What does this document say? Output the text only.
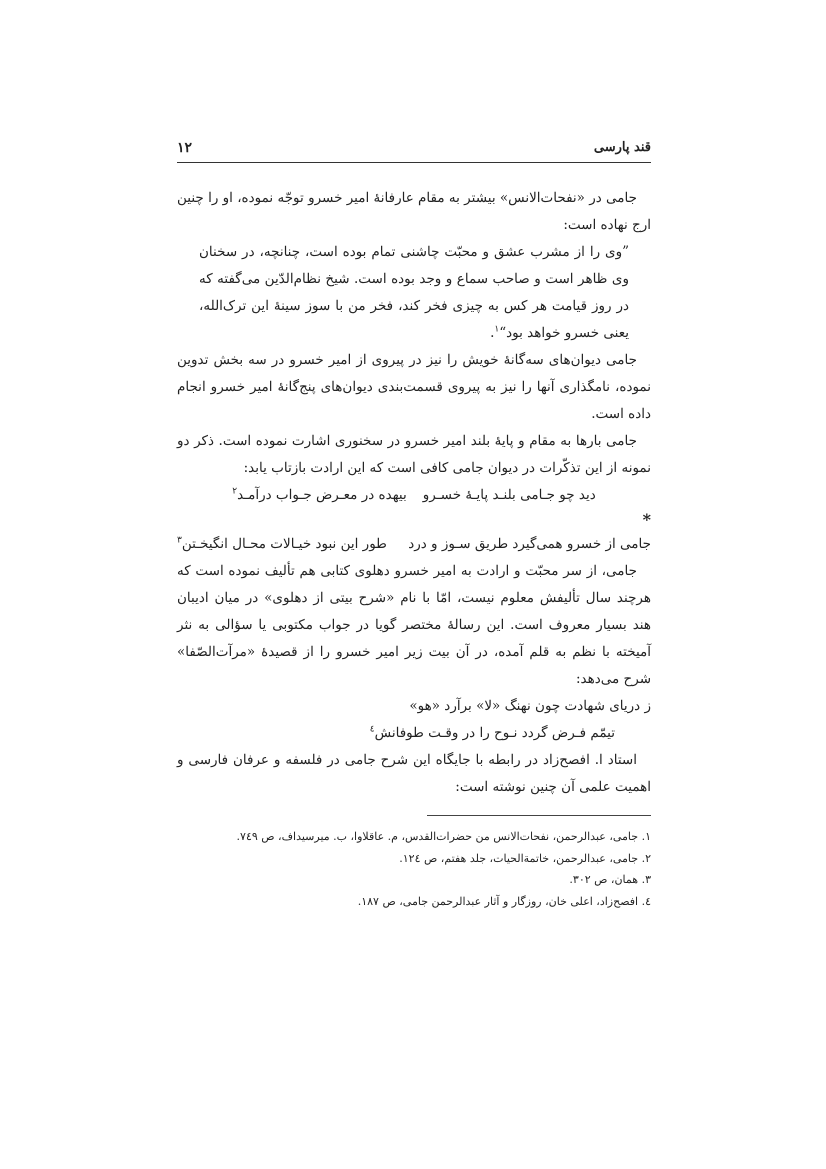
قند پارسی
۱۲

جامی در «نفحات‌الانس» بیشتر به مقام عارفانهٔ امیر خسرو توجّه نموده، او را چنین ارج نهاده است:

”وی را از مشرب عشق و محبّت چاشنی تمام بوده است، چنانچه، در سخنان وی ظاهر است و صاحب سماع و وجد بوده است. شیخ نظام‌الدّین می‌گفته که در روز قیامت هر کس به چیزی فخر کند، فخر من با سوز سینهٔ این ترک‌الله، یعنی خسرو خواهد بود“$^۱$.

جامی دیوان‌های سه‌گانهٔ خویش را نیز در پیروی از امیر خسرو در سه بخش تدوین نموده، نامگذاری آنها را نیز به پیروی قسمت‌بندی دیوان‌های پنج‌گانهٔ امیر خسرو انجام داده است.

جامی بارها به مقام و پایهٔ بلند امیر خسرو در سخنوری اشارت نموده است. ذکر دو نمونه از این تذکّرات در دیوان جامی کافی است که این ارادت بازتاب یابد:

دید چو جـامی بلنـد پایـهٔ خسـرو
بیهده در معـرض جـواب درآمـد$^۲$
*
جامی از خسرو همی‌گیرد طریق سـوز و درد
طور این نبود خیـالات محـال انگیخـتن$^۳$

جامی، از سر محبّت و ارادت به امیر خسرو دهلوی کتابی هم تألیف نموده است که هرچند سال تألیفش معلوم نیست، امّا با نام «شرح بیتی از دهلوی» در میان ادیبان هند بسیار معروف است. این رسالهٔ مختصر گویا در جواب مکتوبی یا سؤالی به نثر آمیخته با نظم به قلم آمده، در آن بیت زیر امیر خسرو را از قصیدهٔ «مرآت‌الصّفا» شرح می‌دهد:

ز دریای شهادت چون نهنگ «لا» برآرد «هو»
تیمّم فـرض گردد نـوح را در وقـت طوفانش$^٤$

استاد ا. افصح‌زاد در رابطه با جایگاه این شرح جامی در فلسفه و عرفان فارسی و اهمیت علمی آن چنین نوشته است:

۱. جامی، عبدالرحمن، نفحات‌الانس من حضرات‌القدس، م. عاقلاوا، ب. میرسیداف، ص ۷٤۹.

۲. جامی، عبدالرحمن، خاتمةالحیات، جلد هفتم، ص ۱۲٤.

۳. همان، ص ۳۰۲.

٤. افصح‌زاد، اعلی خان، روزگار و آثار عبدالرحمن جامی، ص ۱۸۷.
